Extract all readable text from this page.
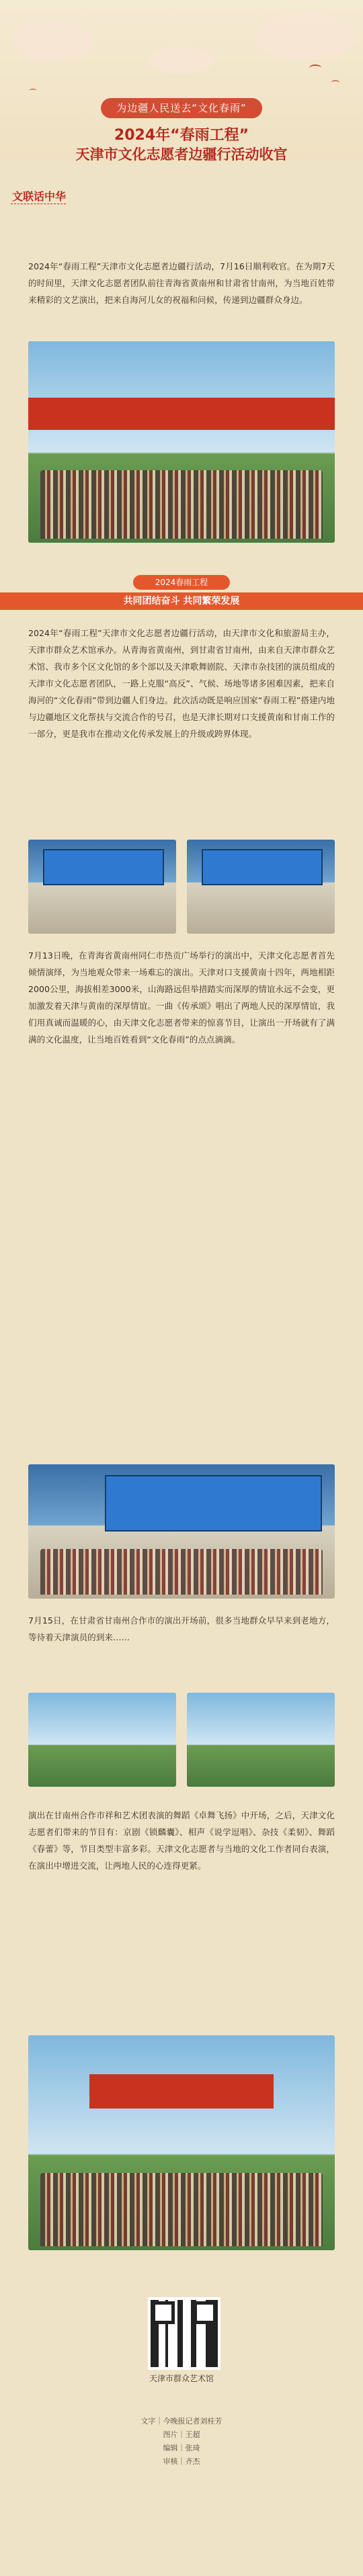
为边疆人民送去“文化春雨”
2024年“春雨工程”
天津市文化志愿者边疆行活动收官
文联话中华
2024年“春雨工程”天津市文化志愿者边疆行活动，7月16日顺利收官。在为期7天的时间里，天津文化志愿者团队前往青海省黄南州和甘肃省甘南州，为当地百姓带来精彩的文艺演出，把来自海河儿女的祝福和问候，传递到边疆群众身边。
共同团结奋斗 共同繁荣发展
2024春雨工程
2024年“春雨工程”天津市文化志愿者边疆行活动，由天津市文化和旅游局主办，天津市群众艺术馆承办。从青海省黄南州，到甘肃省甘南州，由来自天津市群众艺术馆、我市多个区文化馆的多个部以及天津歌舞剧院、天津市杂技团的演员组成的天津市文化志愿者团队，一路上克服“高反”、气候、场地等诸多困难因素，把来自海河的“文化春雨”带到边疆人们身边。此次活动既是响应国家“春雨工程”搭建内地与边疆地区文化帮扶与交流合作的号召，也是天津长期对口支援黄南和甘南工作的一部分，更是我市在推动文化传承发展上的升级或跨界体现。
7月13日晚，在青海省黄南州同仁市热贡广场举行的演出中，天津文化志愿者首先倾情演绎，为当地观众带来一场难忘的演出。天津对口支援黄南十四年，两地相距2000公里，海拔相差3000米，山海路远但举措踏实而深厚的情谊永远不会变，更加激发着天津与黄南的深厚情谊。一曲《传承颂》唱出了两地人民的深厚情谊，我们用真诚而温暖的心，由天津文化志愿者带来的惊喜节目，让演出一开场就有了满满的文化温度，让当地百姓看到“文化春雨”的点点滴滴。
7月15日，在甘肃省甘南州合作市的演出开场前，很多当地群众早早来到老地方，等待着天津演员的到来……
演出在甘南州合作市祥和艺术团表演的舞蹈《卓舞飞扬》中开场，之后，天津文化志愿者们带来的节目有：京剧《锁麟囊》、相声《说学逗唱》、杂技《柔韧》、舞蹈《春蕾》等，节目类型丰富多彩。天津文化志愿者与当地的文化工作者同台表演，在演出中增进交流，让两地人民的心连得更紧。
天津市群众艺术馆
文字｜今晚报记者刘桂芳
图片｜王超
编辑｜张琦
审核｜齐杰
